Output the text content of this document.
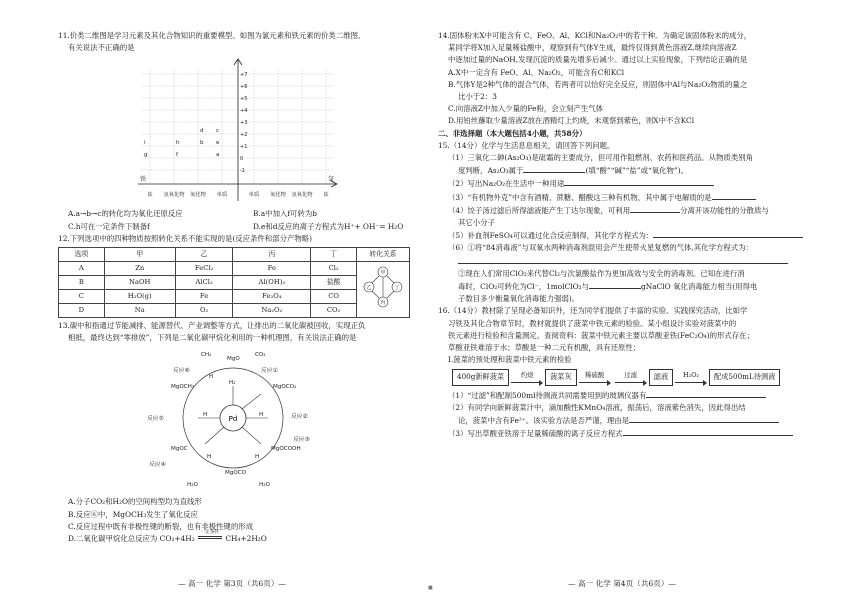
11.价类二维图是学习元素及其化合物知识的重要模型。如图为氯元素和铁元素的价类二维图,

有关说法不正确的是

+7
+6
+5
+4
+3
+2
+1
0
-1
a
b
c
d
e
f
g
h
i
铁	氯
盐 氢氧化物 氧化物 单质	单质 氧化物 氢氧化物 盐
A.a→b→c的转化均为氧化还原反应	B.a中加入f可转为b
C.h可在一定条件下制备f	D.e和d反应的离子方程式为H⁺+ OH⁻= H₂O

12.下列选项中的四种物质按照转化关系不能实现的是(反应条件和部分产物略)

选项	甲	乙	丙	丁	转化关系
A	Zn	FeCl₂	Fe	Cl₂	甲
乙 丁
丙

B	NaOH	AlCl₃	Al(OH)₃	盐酸	
C	H₂O(g)	Fe	Fe₃O₄	CO	
D	Na	O₂	Na₂O₂	CO₂	

13.碳中和指通过节能减排、能源替代、产业调整等方式，让排出的二氧化碳被回收，实现正负

相抵，最终达到“零排放”，下列是二氧化碳甲烷化利用的一种机理图，有关说法正确的是

Pd
CH₄
MgO
CO₂
MgOCH₃
H₂
MgOCO₂
MgOCOOH
MgOC
MgOCO
H₂O	H₂O
H
H	H
H	H
反应①
反应②
反应③
反应④
反应⑤
反应⑥

A.分子CO₂和H₂O的空间构型均为直线形

B.反应⑥中，MgOCH₃发生了氧化反应

C.反应过程中既有非极性键的断裂，也有非极性键的形成

D.二氧化碳甲烷化总反应为 CO₂+4H₂
一定条件
CH₄+2H₂O

14.固体粉末X中可能含有 C、FeO、Al、KCl和Na₂O₂中的若干种。为确定该固体粉末的成分，

某同学将X加入足量稀盐酸中，观察到有气体Y生成，最终仅得到黄色溶液Z,继续向溶液Z

中逐加过量的NaOH,发现沉淀的质量先增多后减少。通过以上实验现象，下列结论正确的是

A.X中一定含有 FeO、Al、Na₂O₂，可能含有C和KCl

B.气体Y是2种气体的混合气体，若两者可以恰好完全反应，则固体中Al与Na₂O₂物质的量之

比小于2：3

C.向溶液Z中加入少量的Fe粉，会立刻产生气体

D.用铂丝蘸取少量溶液Z放在酒精灯上灼烧，未观察到紫色，则X中不含KCl

二、非选择题（本大题包括4小题，共58分）

15.（14分）化学与生活息息相关，请回答下列问题。

（1）三氧化二砷(As₂O₃)是砒霜的主要成分，但可用作阻燃剂、农药和医药品。从物质类别角

度判断，As₂O₃属于	(填“酸”“碱”“盐”或“氧化物”)。

（2）写出Na₂O₂在生活中一种用途

（3）“有机物外克”中含有酒精、蔗糖、醋酸这三种有机物，其中属于电解质的是

（4）饺子汤过滤后所得滤液能产生丁达尔现象，可利用	分离开该功能性的分散质与

其它小分子

（5）补血剂FeSO₄可以通过化合反应制得，其化学方程式为：

（6）①将“84消毒液”与双氧水两种消毒剂混用会产生使带火星复燃的气体,其化学方程式为：

②现在人们常用ClO₂来代替Cl₂与次氯酸盐作为更加高效与安全的消毒剂。已知在进行消

毒时，ClO₂可转化为Cl⁻，1molClO₂与	gNaClO 氧化消毒能力相当(用得电

子数目多少衡量氧化消毒能力强弱)。

16.（14分）教材除了呈现必备知识外，还为同学们提供了丰富的实验、实践探究活动，比如学

习铁及其化合物章节时，教材就提供了菠菜中铁元素的检验。某小组设计实验对菠菜中的

铁元素进行检验和含量测定。查阅资料：菠菜中铁元素主要以草酸亚铁(FeC₂O₄)的形式存在；

草酸亚铁难溶于水；草酸是一种二元有机酸，具有还原性；

I.菠菜的预处理和菠菜中铁元素的检验

400g新鲜菠菜	灼烧	菠菜灰	稀硫酸	过滤	滤液	H₂O₂	配成500mL待测液

（1）“过滤”和配制500ml待测液共同需要用到的玻璃仪器有

（2）有同学向新鲜菠菜汁中，滴加酸性KMnO₄溶液，振荡后，溶液紫色消失，因此得出结

论，菠菜中含有Fe²⁺。该实验方法是否严谨，理由是

（3）写出草酸亚铁溶于足量稀硫酸的离子反应方程式

— 高一 化学 第3页（共6页）—	— 高一 化学 第4页（共6页）—
■
